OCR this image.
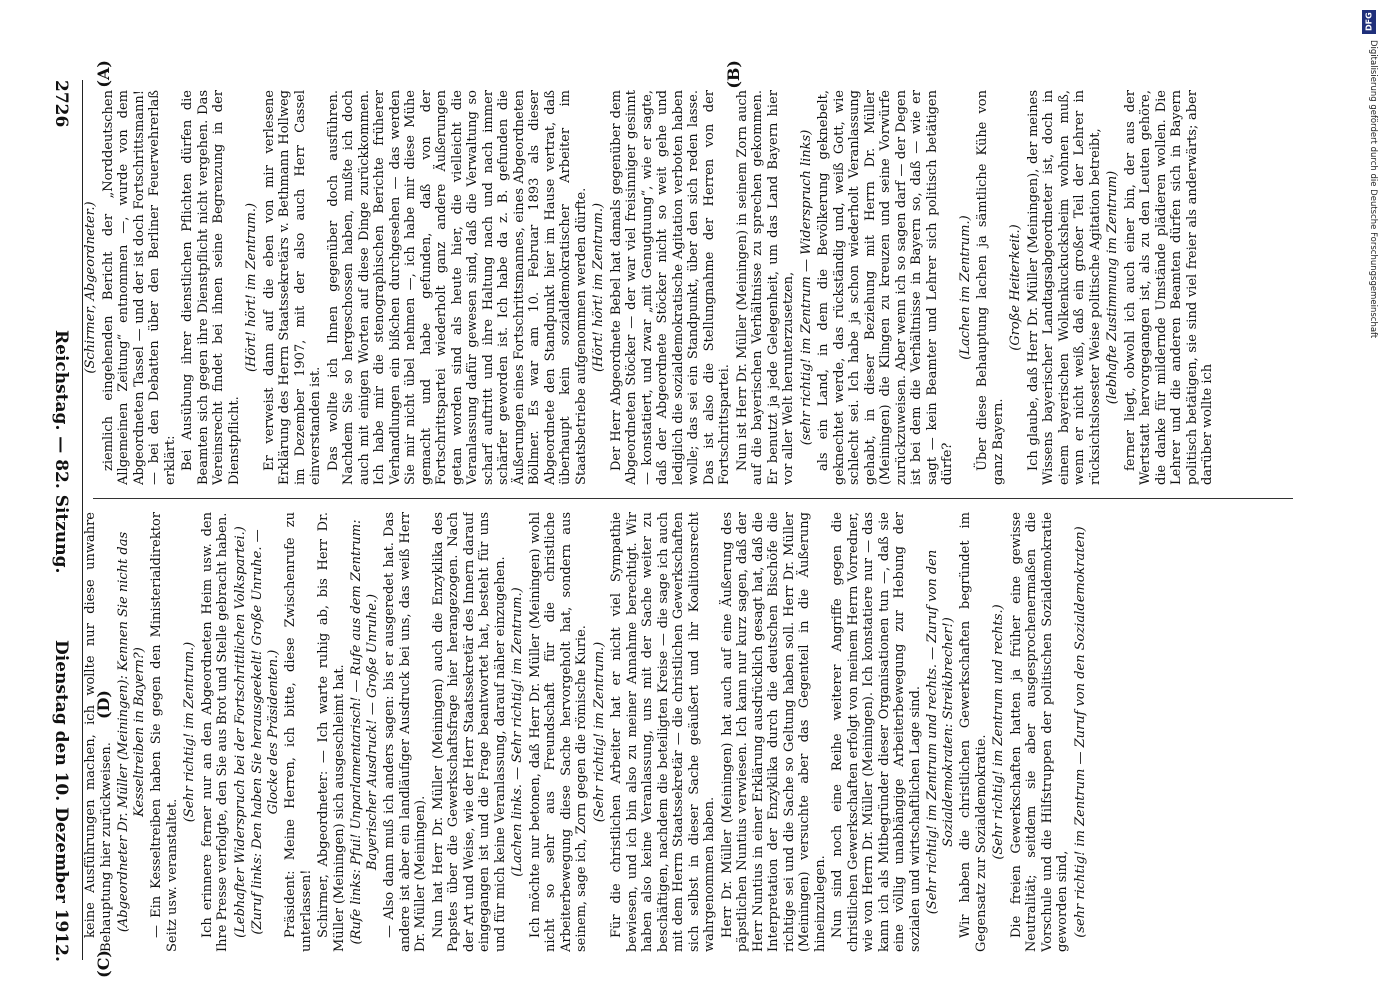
2726
Reichstag. — 82. Sitzung.
Dienstag den 10. Dezember 1912.

(Schirmer, Abgeordneter.) ziemlich eingehenden Bericht der „Norddeutschen Allgemeinen Zeitung“ entnommen —, wurde von dem Abgeordneten Tassel — und der ist doch Fortschrittsmann! — bei den Debatten über den Berliner Feuerwehrerlaß erklärt: Bei Ausübung ihrer dienstlichen Pflichten dürfen die Beamten sich gegen ihre Dienstpflicht nicht vergehen. Das Vereinsrecht findet bei ihnen seine Begrenzung in der Dienstpflicht.

(Hört! hört! im Zentrum.) Er verweist dann auf die eben von mir verlesene Erklärung des Herrn Staatssekretärs v. Bethmann Hollweg im Dezember 1907, mit der also auch Herr Cassel einverstanden ist. Das wollte ich Ihnen gegenüber doch ausführen. Nachdem Sie so hergeschossen haben, mußte ich doch auch mit einigen Worten auf diese Dinge zurückkommen. Ich habe mir die stenographischen Berichte früherer Verhandlungen ein bißchen durchgesehen — das werden Sie mir nicht übel nehmen —, ich habe mir diese Mühe gemacht und habe gefunden, daß von der Fortschrittspartei wiederholt ganz andere Äußerungen getan worden sind als heute hier, die vielleicht die Veranlassung dafür gewesen sind, daß die Verwaltung so scharf auftritt und ihre Haltung nach und nach immer schärfer geworden ist. Ich habe da z. B. gefunden die Äußerungen eines Fortschrittsmannes, eines Abgeordneten Böllmer. Es war am 10. Februar 1893 als dieser Abgeordnete den Standpunkt hier im Hause vertrat, daß überhaupt kein sozialdemokratischer Arbeiter im Staatsbetriebe aufgenommen werden dürfte. (Hört! hört! im Zentrum.) Der Herr Abgeordnete Bebel hat damals gegenüber dem Abgeordneten Stöcker — der war viel freisinniger gesinnt — konstatiert, und zwar „mit Genugtuung“, wie er sagte, daß der Abgeordnete Stöcker nicht so weit gehe und lediglich die sozialdemokratische Agitation verboten haben wolle; das sei ein Standpunkt, über den sich reden lasse. Das ist also die Stellungnahme der Herren von der Fortschrittspartei. Nun ist Herr Dr. Müller (Meiningen) in seinem Zorn auch auf die bayerischen Verhältnisse zu sprechen gekommen. Er benutzt ja jede Gelegenheit, um das Land Bayern hier vor aller Welt herunterzusetzen, (sehr richtig! im Zentrum — Widerspruch links) als ein Land, in dem die Bevölkerung geknebelt, geknechtet werde, das rückständig und, weiß Gott, wie schlecht sei. Ich habe ja schon wiederholt Veranlassung gehabt, in dieser Beziehung mit Herrn Dr. Müller (Meiningen) die Klingen zu kreuzen und seine Vorwürfe zurückzuweisen. Aber wenn ich so sagen darf — der Degen ist bei dem die Verhältnisse in Bayern so, daß — wie er sagt — kein Beamter und Lehrer sich politisch betätigen dürfe?

(Lachen im Zentrum.) Über diese Behauptung lachen ja sämtliche Kühe von ganz Bayern.

(Große Heiterkeit.) Ich glaube, daß Herr Dr. Müller (Meiningen), der meines Wissens bayerischer Landtagsabgeordneter ist, doch in einem bayerischen Wolkenkuckucksheim wohnen muß, wenn er nicht weiß, daß ein großer Teil der Lehrer in rücksichtslosester Weise politische Agitation betreibt, (lebhafte Zustimmung im Zentrum) ferner liegt, obwohl ich auch einer bin, der aus der Wertstatt hervorgegangen ist, als zu den Leuten gehöre, die danke für mildernde Umstände plädieren wollen. Die Lehrer und die anderen Beamten dürfen sich in Bayern politisch betätigen, sie sind viel freier als anderwärts; aber darüber wollte ich

keine Ausführungen machen, ich wollte nur diese unwahre Behauptung hier zurückweisen. (Abgeordneter Dr. Müller (Meiningen): Kennen Sie nicht das Kesseltreiben in Bayern?) — Ein Kesseltreiben haben Sie gegen den Ministerialdirektor Seitz usw. veranstaltet.

(Sehr richtig! im Zentrum.) Ich erinnere ferner nur an den Abgeordneten Heim usw. den Ihre Presse verfolgte, den Sie aus Brot und Stelle gebracht haben. (Lebhafter Widerspruch bei der Fortschrittlichen Volkspartei.) (Zuruf links: Den haben Sie herausgeekelt! Große Unruhe. — Glocke des Präsidenten.) Präsident: Meine Herren, ich bitte, diese Zwischenrufe zu unterlassen! Schirmer, Abgeordneter: — Ich warte ruhig ab, bis Herr Dr. Müller (Meiningen) sich ausgeschleimt hat. (Rufe links: Pfui! Unparlamentarisch! — Rufe aus dem Zentrum: Bayerischer Ausdruck! — Große Unruhe.) — Also dann muß ich anders sagen: bis er ausgeredet hat. Das andere ist aber ein landläufiger Ausdruck bei uns, das weiß Herr Dr. Müller (Meiningen). Nun hat Herr Dr. Müller (Meiningen) auch die Enzyklika des Papstes über die Gewerkschaftsfrage hier herangezogen. Nach der Art und Weise, wie der Herr Staatssekretär des Innern darauf eingegangen ist und die Frage beantwortet hat, besteht für uns und für mich keine Veranlassung, darauf näher einzugehen. (Lachen links. — Sehr richtig! im Zentrum.) Ich möchte nur betonen, daß Herr Dr. Müller (Meiningen) wohl nicht so sehr aus Freundschaft für die christliche Arbeiterbewegung diese Sache hervorgeholt hat, sondern aus seinem, sage ich, Zorn gegen die römische Kurie. (Sehr richtig! im Zentrum.) Für die christlichen Arbeiter hat er nicht viel Sympathie bewiesen, und ich bin also zu meiner Annahme berechtigt. Wir haben also keine Veranlassung, uns mit der Sache weiter zu beschäftigen, nachdem die beteiligten Kreise — die sage ich auch mit dem Herrn Staatssekretär — die christlichen Gewerkschaften sich selbst in dieser Sache geäußert und ihr Koalitionsrecht wahrgenommen haben. Herr Dr. Müller (Meiningen) hat auch auf eine Äußerung des päpstlichen Nuntius verwiesen. Ich kann nur kurz sagen, daß der Herr Nuntius in einer Erklärung ausdrücklich gesagt hat, daß die Interpretation der Enzyklika durch die deutschen Bischöfe die richtige sei und die Sache so Geltung haben soll. Herr Dr. Müller (Meiningen) versuchte aber das Gegenteil in die Äußerung hineinzulegen. Nun sind noch eine Reihe weiterer Angriffe gegen die christlichen Gewerkschaften erfolgt von meinem Herrn Vorredner, wie von Herrn Dr. Müller (Meiningen). Ich konstatiere nur — das kann ich als Mitbegründer dieser Organisationen tun —, daß sie eine völlig unabhängige Arbeiterbewegung zur Hebung der sozialen und wirtschaftlichen Lage sind. (Sehr richtig! im Zentrum und rechts. — Zuruf von den Sozialdemokraten: Streikbrecher!) Wir haben die christlichen Gewerkschaften begründet im Gegensatz zur Sozialdemokratie. (Sehr richtig! im Zentrum und rechts.) Die freien Gewerkschaften hatten ja früher eine gewisse Neutralität; seitdem sie aber ausgesprochenermaßen die Vorschule und die Hilfstruppen der politischen Sozialdemokratie geworden sind, (sehr richtig! im Zentrum — Zuruf von den Sozialdemokraten)

(A)	(B)
(C)
(D)
DFG
Digitalisierung gefördert durch die Deutsche Forschungsgemeinschaft
